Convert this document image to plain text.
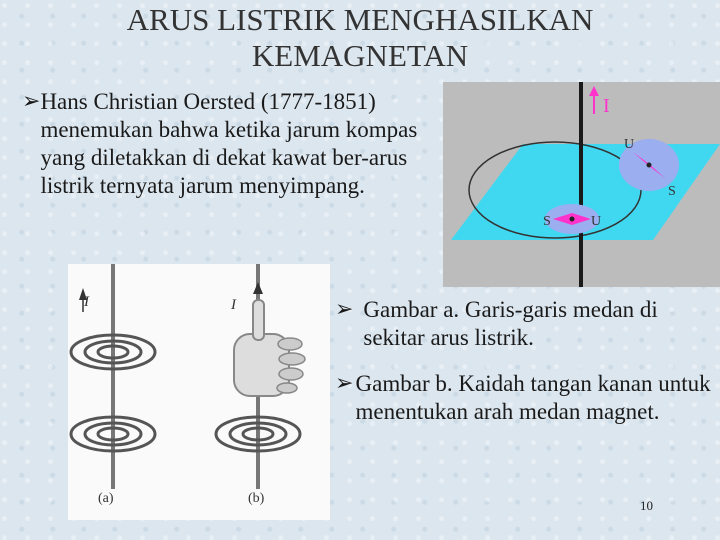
ARUS LISTRIK MENGHASILKAN KEMAGNETAN
➢ Hans Christian Oersted (1777-1851) menemukan bahwa ketika jarum kompas yang diletakkan di dekat kawat ber-arus listrik ternyata jarum menyimpang.
I
U
S
S	U
I
(a)
I
(b)
➢ Gambar a. Garis-garis medan di sekitar arus listrik.
➢ Gambar b. Kaidah tangan kanan untuk menentukan arah medan magnet.
10
